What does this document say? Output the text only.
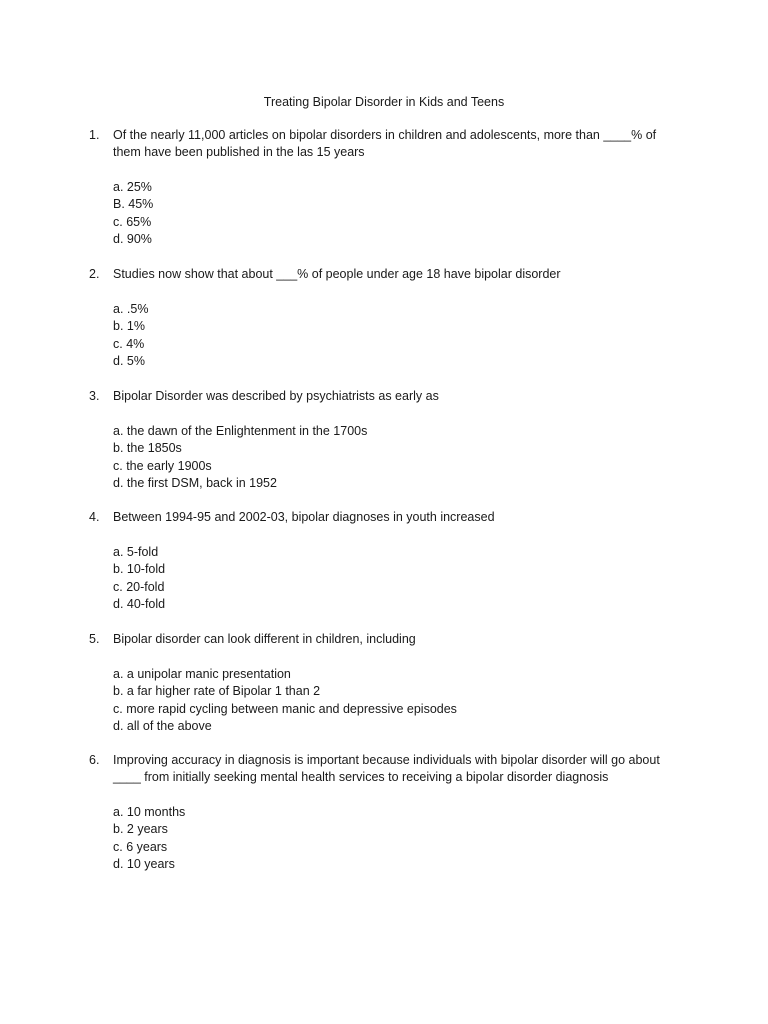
Treating Bipolar Disorder in Kids and Teens
1.	Of the nearly 11,000 articles on bipolar disorders in children and adolescents, more than ____% of them have been published in the las 15 years
a. 25%
B. 45%
c. 65%
d. 90%
2.	Studies now show that about ___% of people under age 18 have bipolar disorder
a. .5%
b. 1%
c. 4%
d. 5%
3.	Bipolar Disorder was described by psychiatrists as early as
a. the dawn of the Enlightenment in the 1700s
b. the 1850s
c. the early 1900s
d. the first DSM, back in 1952
4.	Between 1994-95 and 2002-03, bipolar diagnoses in youth increased
a. 5-fold
b. 10-fold
c. 20-fold
d. 40-fold
5.	Bipolar disorder can look different in children, including
a. a unipolar manic presentation
b. a far higher rate of Bipolar 1 than 2
c. more rapid cycling between manic and depressive episodes
d. all of the above
6.	Improving accuracy in diagnosis is important because individuals with bipolar disorder will go about ____ from initially seeking mental health services to receiving a bipolar disorder diagnosis
a. 10 months
b. 2 years
c. 6 years
d. 10 years
